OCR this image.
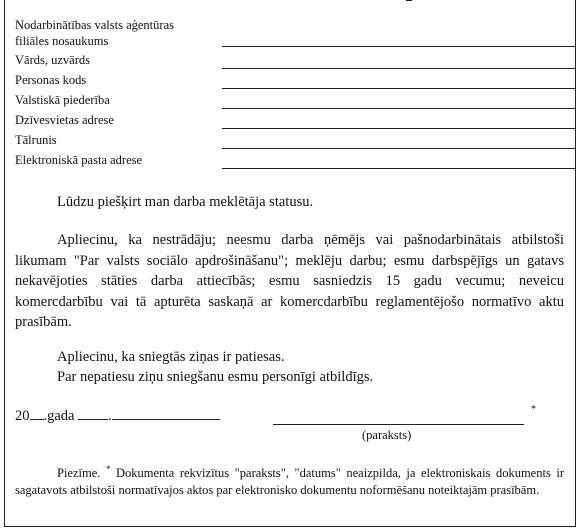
Nodarbinātības valsts aģentūras
filiāles nosaukums
Vārds, uzvārds
Personas kods
Valstiskā piederība
Dzīvesvietas adrese
Tālrunis
Elektroniskā pasta adrese
Lūdzu piešķirt man darba meklētāja statusu.
Apliecinu, ka nestrādāju; neesmu darba ņēmējs vai pašnodarbinātais atbilstoši likumam "Par valsts sociālo apdrošināšanu"; meklēju darbu; esmu darbspējīgs un gatavs nekavējoties stāties darba attiecībās; esmu sasniedzis 15 gadu vecumu; neveicu komercdarbību vai tā apturēta saskaņā ar komercdarbību reglamentējošo normatīvo aktu prasībām.
Apliecinu, ka sniegtās ziņas ir patiesas.
Par nepatiesu ziņu sniegšanu esmu personīgi atbildīgs.
20 .gada .	*
(paraksts)
Piezīme. * Dokumenta rekvizītus "paraksts", "datums" neaizpilda, ja elektroniskais dokuments ir sagatavots atbilstoši normatīvajos aktos par elektronisko dokumentu noformēšanu noteiktajām prasībām.
